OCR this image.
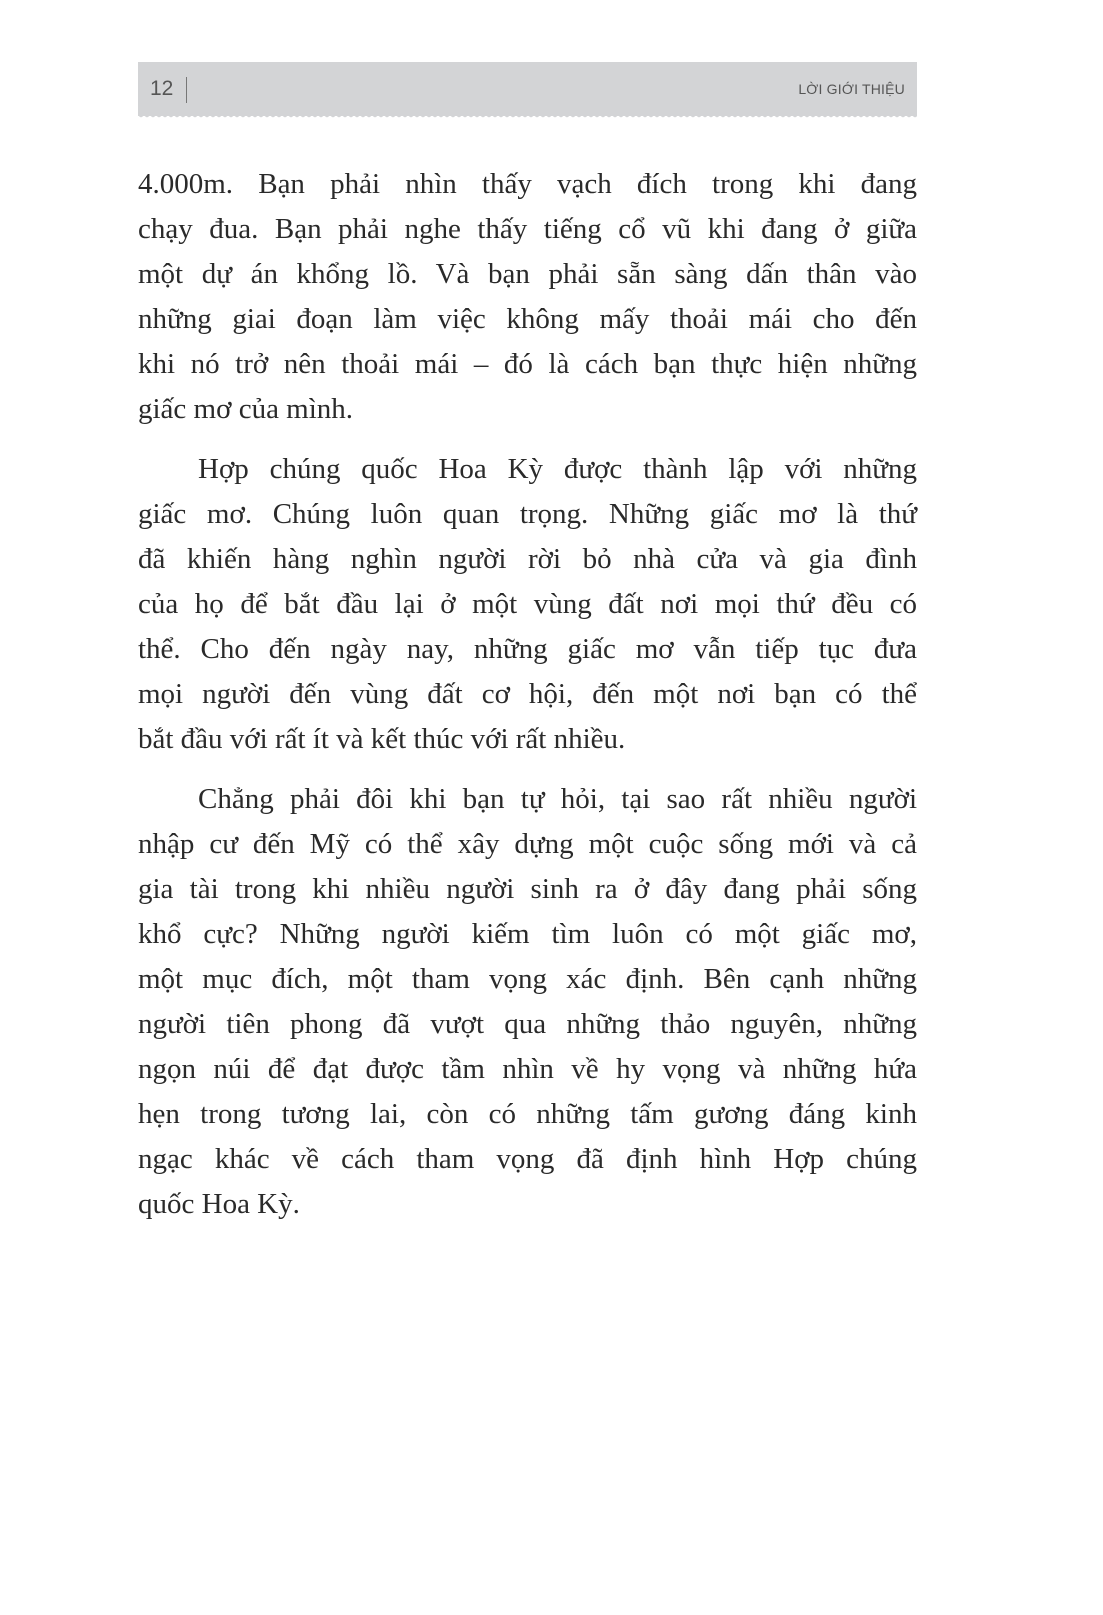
12	LỜI GIỚI THIỆU
4.000m. Bạn phải nhìn thấy vạch đích trong khi đang
chạy đua. Bạn phải nghe thấy tiếng cổ vũ khi đang ở giữa
một dự án khổng lồ. Và bạn phải sẵn sàng dấn thân vào
những giai đoạn làm việc không mấy thoải mái cho đến
khi nó trở nên thoải mái – đó là cách bạn thực hiện những
giấc mơ của mình.
Hợp chúng quốc Hoa Kỳ được thành lập với những
giấc mơ. Chúng luôn quan trọng. Những giấc mơ là thứ
đã khiến hàng nghìn người rời bỏ nhà cửa và gia đình
của họ để bắt đầu lại ở một vùng đất nơi mọi thứ đều có
thể. Cho đến ngày nay, những giấc mơ vẫn tiếp tục đưa
mọi người đến vùng đất cơ hội, đến một nơi bạn có thể
bắt đầu với rất ít và kết thúc với rất nhiều.
Chẳng phải đôi khi bạn tự hỏi, tại sao rất nhiều người
nhập cư đến Mỹ có thể xây dựng một cuộc sống mới và cả
gia tài trong khi nhiều người sinh ra ở đây đang phải sống
khổ cực? Những người kiếm tìm luôn có một giấc mơ,
một mục đích, một tham vọng xác định. Bên cạnh những
người tiên phong đã vượt qua những thảo nguyên, những
ngọn núi để đạt được tầm nhìn về hy vọng và những hứa
hẹn trong tương lai, còn có những tấm gương đáng kinh
ngạc khác về cách tham vọng đã định hình Hợp chúng
quốc Hoa Kỳ.
